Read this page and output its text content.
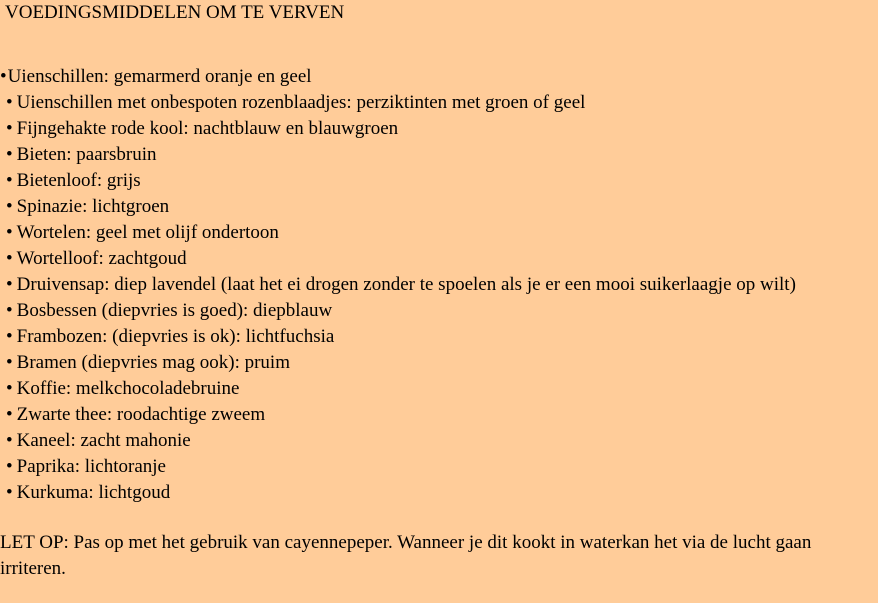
VOEDINGSMIDDELEN OM TE VERVEN
•Uienschillen: gemarmerd oranje en geel
• Uienschillen met onbespoten rozenblaadjes: perziktinten met groen of geel
• Fijngehakte rode kool: nachtblauw en blauwgroen
• Bieten: paarsbruin
• Bietenloof: grijs
• Spinazie: lichtgroen
• Wortelen: geel met olijf ondertoon
• Wortelloof: zachtgoud
• Druivensap: diep lavendel (laat het ei drogen zonder te spoelen als je er een mooi suikerlaagje op wilt)
• Bosbessen (diepvries is goed): diepblauw
• Frambozen: (diepvries is ok): lichtfuchsia
• Bramen (diepvries mag ook): pruim
• Koffie: melkchocoladebruine
• Zwarte thee: roodachtige zweem
• Kaneel: zacht mahonie
• Paprika: lichtoranje
• Kurkuma: lichtgoud

LET OP: Pas op met het gebruik van cayennepeper. Wanneer je dit kookt in waterkan het via de lucht gaan irriteren.
